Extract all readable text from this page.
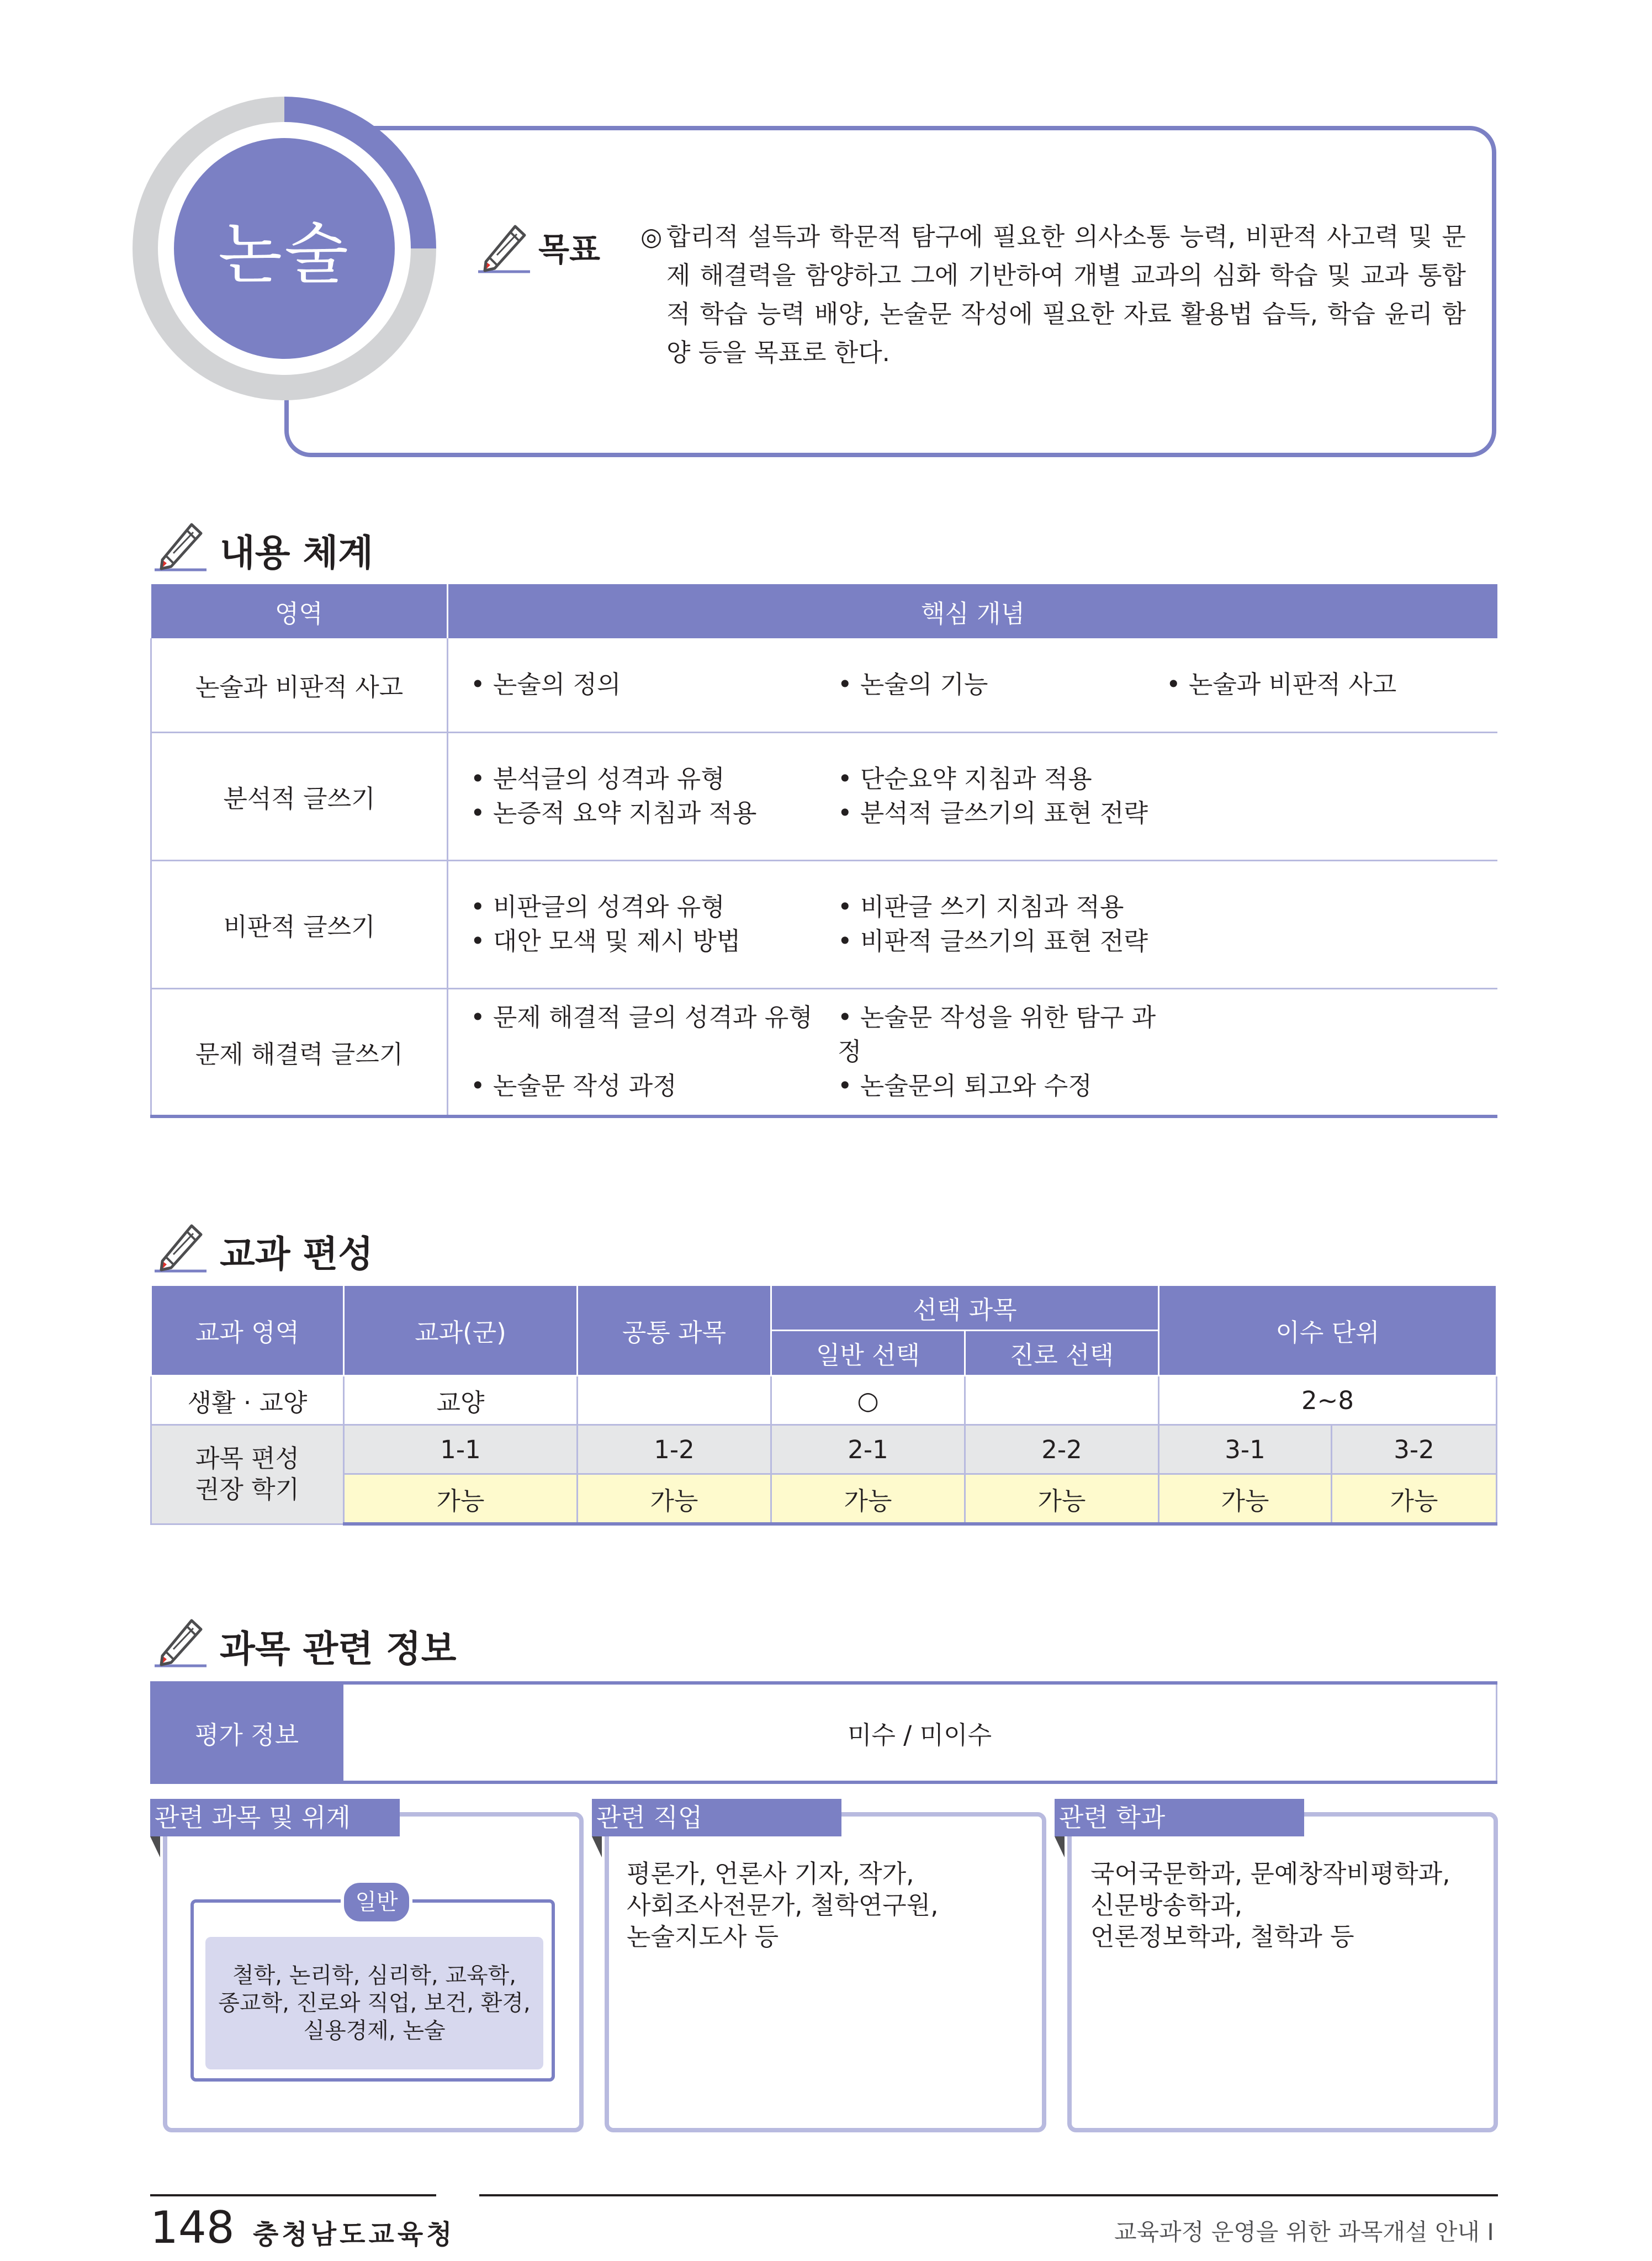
논술	목표 ◎ 합리적 설득과 학문적 탐구에 필요한 의사소통 능력, 비판적 사고력 및 문제 해결력을 함양하고 그에 기반하여 개별 교과의 심화 학습 및 교과 통합적 학습 능력 배양, 논술문 작성에 필요한 자료 활용법 습득, 학습 윤리 함양 등을 목표로 한다.
내용 체계
영역	핵심 개념
논술과 비판적 사고	• 논술의 정의 • 논술의 기능 • 논술과 비판적 사고

분석적 글쓰기	• 분석글의 성격과 유형 • 단순요약 지침과 적용
• 논증적 요약 지침과 적용 • 분석적 글쓰기의 표현 전략

비판적 글쓰기	• 비판글의 성격와 유형 • 비판글 쓰기 지침과 적용
• 대안 모색 및 제시 방법 • 비판적 글쓰기의 표현 전략

문제 해결력 글쓰기	• 문제 해결적 글의 성격과 유형 • 논술문 작성을 위한 탐구 과정
• 논술문 작성 과정 • 논술문의 퇴고와 수정
교과 편성
교과 영역	교과(군)	공통 과목	선택 과목		이수 단위	
			일반 선택	진로 선택		
생활 · 교양	교양		○		2~8	
과목 편성
권장 학기	1-1	1-2	2-1	2-2	3-1	3-2
	가능	가능	가능	가능	가능	가능
과목 관련 정보
평가 정보	미수 / 미이수
관련 과목 및 위계
철학, 논리학, 심리학, 교육학,
종교학, 진로와 직업, 보건, 환경,
실용경제, 논술
일반
관련 직업
평론가, 언론사 기자, 작가,
사회조사전문가, 철학연구원,
논술지도사 등
관련 학과
국어국문학과, 문예창작비평학과,
신문방송학과,
언론정보학과, 철학과 등
148 충청남도교육청	교육과정 운영을 위한 과목개설 안내 I
